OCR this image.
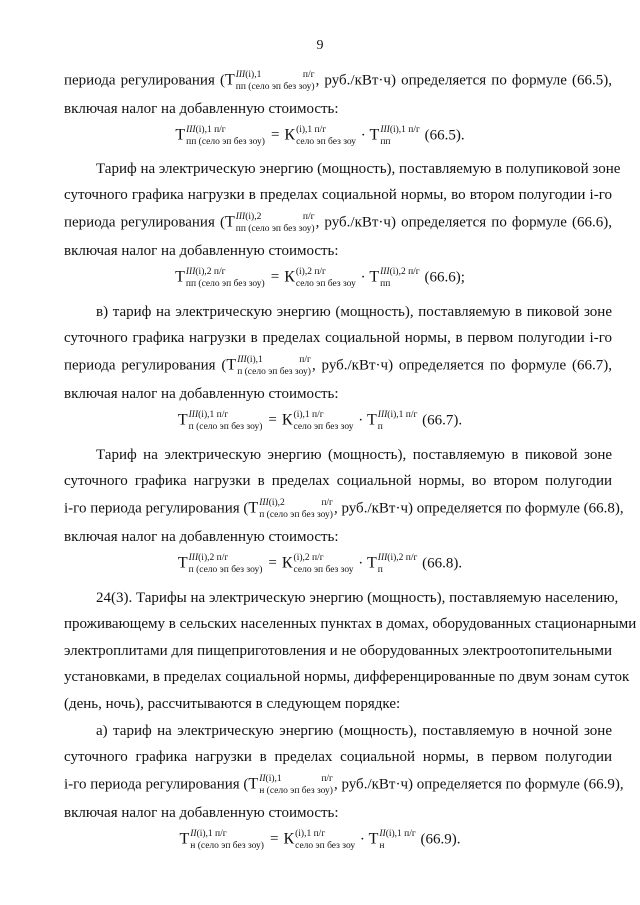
9
периода регулирования (Т III(i),1 п/г
пп (село эп без зоу) , руб./кВт·ч) определяется по формуле (66.5),
включая налог на добавленную стоимость:
Т III(i),1 п/г
пп (село эп без зоу) = К (i),1 п/г
село эп без зоу · Т III(i),1 п/г
пп	(66.5).
Тариф на электрическую энергию (мощность), поставляемую в полупиковой зоне
суточного графика нагрузки в пределах социальной нормы, во втором полугодии i-го
периода регулирования (Т III(i),2 п/г
пп (село эп без зоу) , руб./кВт·ч) определяется по формуле (66.6),
включая налог на добавленную стоимость:
Т III(i),2 п/г
пп (село эп без зоу) = К (i),2 п/г
село эп без зоу · Т III(i),2 п/г
пп	(66.6);
в) тариф на электрическую энергию (мощность), поставляемую в пиковой зоне
суточного графика нагрузки в пределах социальной нормы, в первом полугодии i-го
периода регулирования (Т III(i),1 п/г
п (село эп без зоу) , руб./кВт·ч) определяется по формуле (66.7),
включая налог на добавленную стоимость:
Т III(i),1 п/г
п (село эп без зоу) = К (i),1 п/г
село эп без зоу · Т III(i),1 п/г
п	(66.7).
Тариф на электрическую энергию (мощность), поставляемую в пиковой зоне
суточного графика нагрузки в пределах социальной нормы, во втором полугодии
i-го периода регулирования (Т III(i),2 п/г
п (село эп без зоу) , руб./кВт·ч) определяется по формуле (66.8),
включая налог на добавленную стоимость:
Т III(i),2 п/г
п (село эп без зоу) = К (i),2 п/г
село эп без зоу · Т III(i),2 п/г
п	(66.8).
24(3). Тарифы на электрическую энергию (мощность), поставляемую населению,
проживающему в сельских населенных пунктах в домах, оборудованных стационарными
электроплитами для пищеприготовления и не оборудованных электроотопительными
установками, в пределах социальной нормы, дифференцированные по двум зонам суток
(день, ночь), рассчитываются в следующем порядке:
а) тариф на электрическую энергию (мощность), поставляемую в ночной зоне
суточного графика нагрузки в пределах социальной нормы, в первом полугодии
i-го периода регулирования (Т II(i),1 п/г
н (село эп без зоу) , руб./кВт·ч) определяется по формуле (66.9),
включая налог на добавленную стоимость:
Т II(i),1 п/г
н (село эп без зоу) = К (i),1 п/г
село эп без зоу · Т II(i),1 п/г
н	(66.9).
